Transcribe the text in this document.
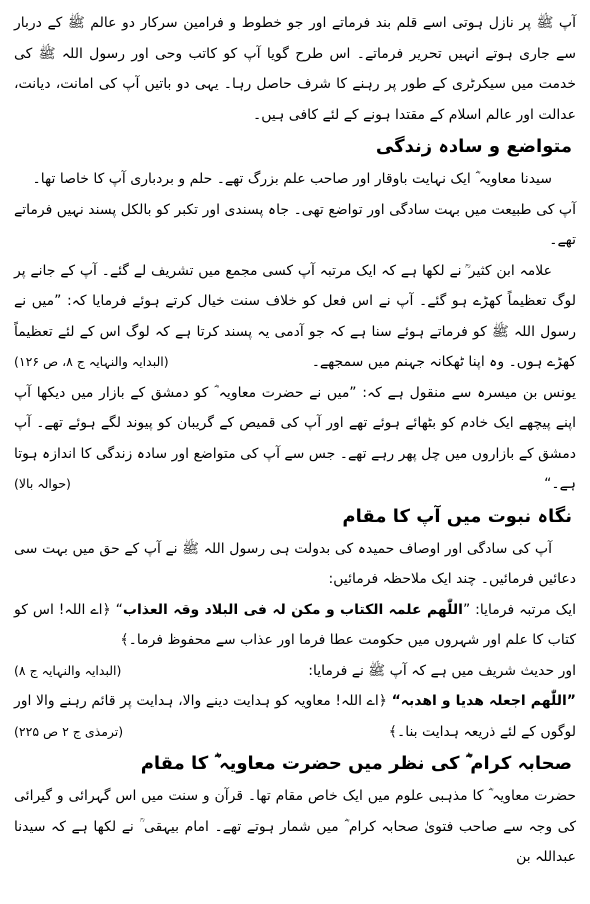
آپ ﷺ پر نازل ہوتی اسے قلم بند فرماتے اور جو خطوط و فرامین سرکار دو عالم ﷺ کے دربار سے جاری ہوتے انہیں تحریر فرماتے۔ اس طرح گویا آپ کو کاتب وحی اور رسول اللہ ﷺ کی خدمت میں سیکرٹری کے طور پر رہنے کا شرف حاصل رہا۔ یہی دو باتیں آپ کی امانت، دیانت، عدالت اور عالم اسلام کے مقتدا ہونے کے لئے کافی ہیں۔

متواضع و سادہ زندگی

سیدنا معاویہ ؓ ایک نہایت باوقار اور صاحب علم بزرگ تھے۔ حلم و بردباری آپ کا خاصا تھا۔

آپ کی طبیعت میں بہت سادگی اور تواضع تھی۔ جاہ پسندی اور تکبر کو بالکل پسند نہیں فرماتے تھے۔

علامہ ابن کثیر ؒ نے لکھا ہے کہ ایک مرتبہ آپ کسی مجمع میں تشریف لے گئے۔ آپ کے جانے پر لوگ تعظیماً کھڑے ہو گئے۔ آپ نے اس فعل کو خلاف سنت خیال کرتے ہوئے فرمایا کہ: ”میں نے رسول اللہ ﷺ کو فرماتے ہوئے سنا ہے کہ جو آدمی یہ پسند کرتا ہے کہ لوگ اس کے لئے تعظیماً کھڑے ہوں۔ وہ اپنا ٹھکانہ جہنم میں سمجھے۔
(البدایہ والنہایہ ج ۸، ص ۱۲۶)

یونس بن میسرہ سے منقول ہے کہ: ”میں نے حضرت معاویہ ؓ کو دمشق کے بازار میں دیکھا آپ اپنے پیچھے ایک خادم کو بٹھائے ہوئے تھے اور آپ کی قمیص کے گریبان کو پیوند لگے ہوئے تھے۔ آپ دمشق کے بازاروں میں چل پھر رہے تھے۔ جس سے آپ کی متواضع اور سادہ زندگی کا اندازہ ہوتا ہے۔“
(حوالہ بالا)

نگاہ نبوت میں آپ کا مقام

آپ کی سادگی اور اوصاف حمیدہ کی بدولت ہی رسول اللہ ﷺ نے آپ کے حق میں بہت سی دعائیں فرمائیں۔ چند ایک ملاحظہ فرمائیں:

ایک مرتبہ فرمایا: ”اللّٰھم علمہ الکتاب و مکن لہ فی البلاد وقہ العذاب“ ﴿اے اللہ! اس کو کتاب کا علم اور شہروں میں حکومت عطا فرما اور عذاب سے محفوظ فرما۔﴾
(البدایہ والنہایہ ج ۸)	اور حدیث شریف میں ہے کہ آپ ﷺ نے فرمایا:

”اللّٰھم اجعلہ ھدیا و اھدبہ“ ﴿اے اللہ! معاویہ کو ہدایت دینے والا، ہدایت پر قائم رہنے والا اور لوگوں کے لئے ذریعہ ہدایت بنا۔﴾
(ترمذی ج ۲ ص ۲۲۵)

صحابہ کرام ؓ کی نظر میں حضرت معاویہ ؓ کا مقام

حضرت معاویہ ؓ کا مذہبی علوم میں ایک خاص مقام تھا۔ قرآن و سنت میں اس گہرائی و گیرائی کی وجہ سے صاحب فتویٰ صحابہ کرام ؓ میں شمار ہوتے تھے۔ امام بیہقی ؒ نے لکھا ہے کہ سیدنا عبداللہ بن
